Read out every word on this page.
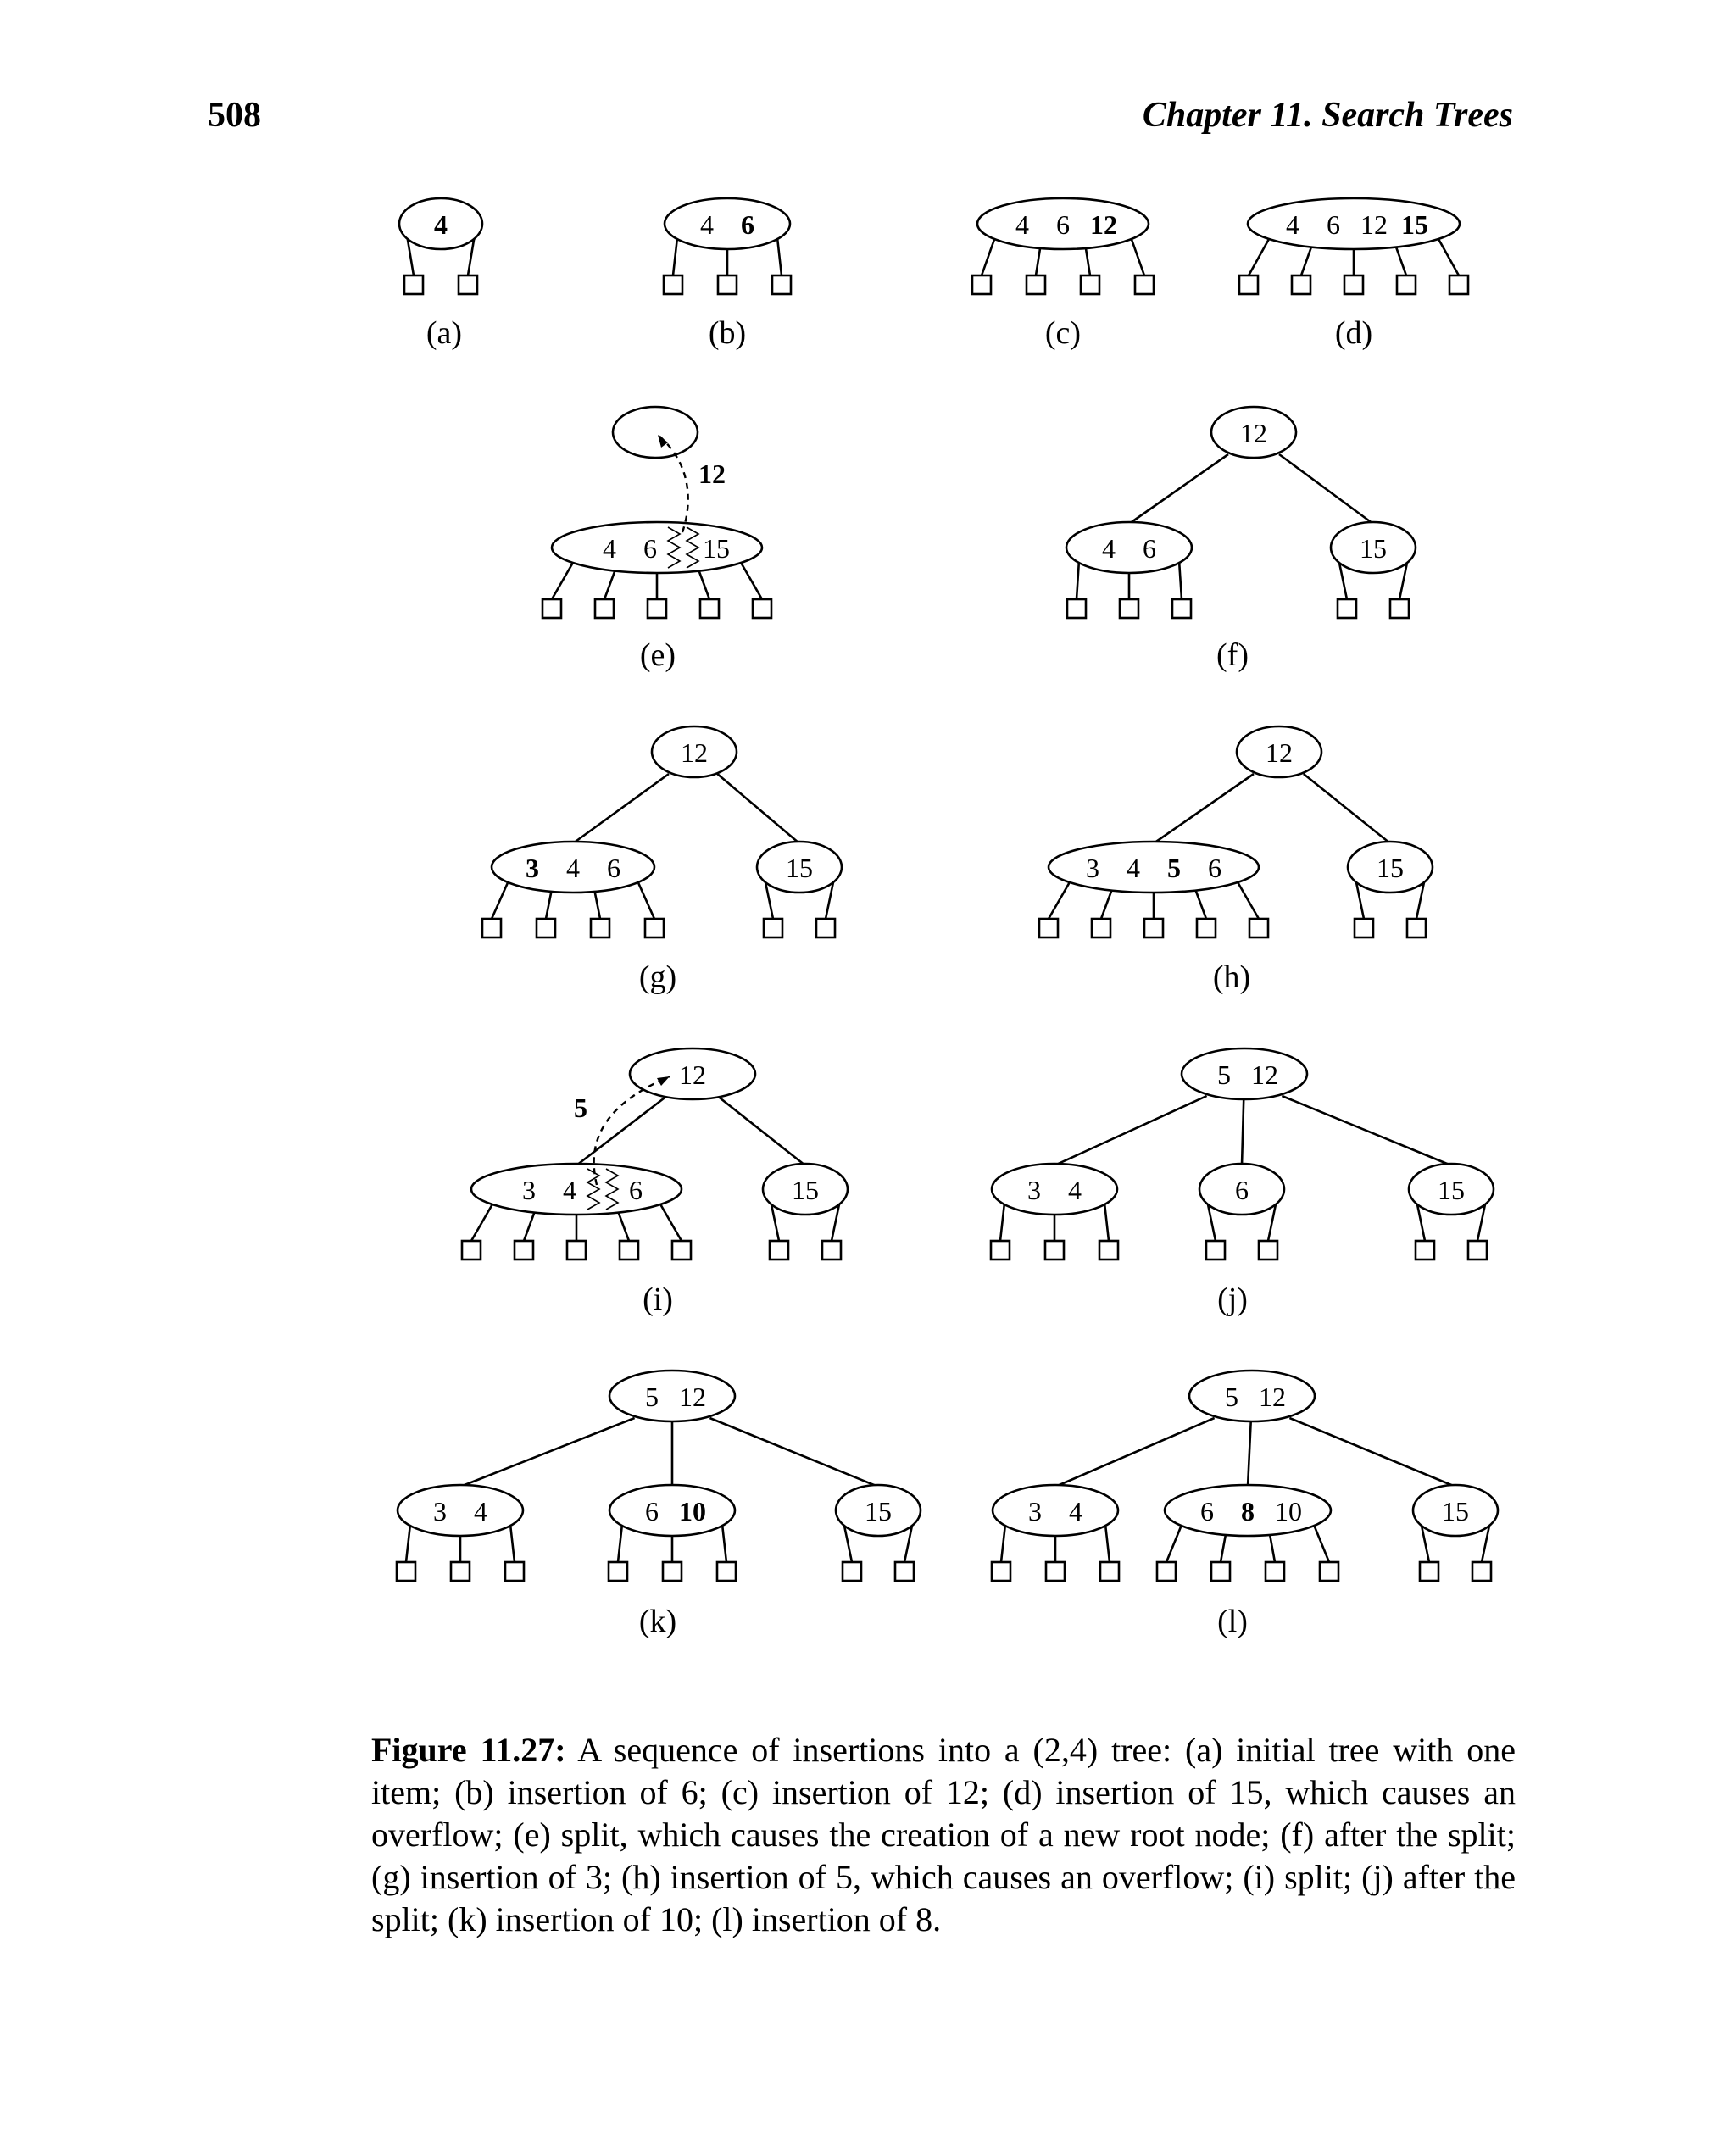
508	Chapter 11. Search Trees
4
(a)
4 6
(b)
4 6 12
(c)
4 6 12 15
(d)
4 6 15
12
(e)
12
4 6	15
(f)
12
3 4 6	15
(g)
12
3 4 5 6	15
(h)
12
3 4 6	15
5
(i)
5 12
3 4	6	15
(j)
5 12
3 4	6 10	15
(k)
5 12
3 4	6 8 10	15
(l)

Figure 11.27: A sequence of insertions into a (2,4) tree: (a) initial tree with one item; (b) insertion of 6; (c) insertion of 12; (d) insertion of 15, which causes an overflow; (e) split, which causes the creation of a new root node; (f) after the split; (g) insertion of 3; (h) insertion of 5, which causes an overflow; (i) split; (j) after the split; (k) insertion of 10; (l) insertion of 8.
